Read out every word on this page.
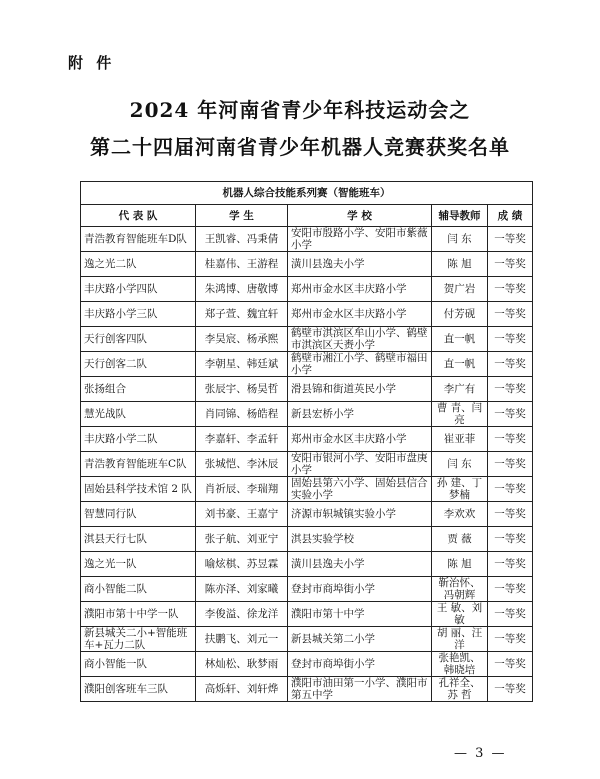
附 件
2024 年河南省青少年科技运动会之
第二十四届河南省青少年机器人竞赛获奖名单
机器人综合技能系列赛（智能班车）				
代 表 队	学 生	学 校	辅导教师	成 绩
青浩教育智能班车D队	王凯睿、冯秉倩	安阳市殷路小学、安阳市紫薇小学	闫 东	一等奖
逸之光二队	桂嘉伟、王游程	潢川县逸夫小学	陈 旭	一等奖
丰庆路小学四队	朱鸿博、唐敬博	郑州市金水区丰庆路小学	贺广岩	一等奖
丰庆路小学三队	郑子萱、魏宜轩	郑州市金水区丰庆路小学	付芳砚	一等奖
天行创客四队	李昊宸、杨承熙	鹤壁市淇滨区牟山小学、鹤壁市淇滨区天赉小学	直一帆	一等奖
天行创客二队	李朝星、韩廷斌	鹤壁市湘江小学、鹤壁市福田小学	直一帆	一等奖
张扬组合	张辰宇、杨昊哲	滑县锦和街道英民小学	李广有	一等奖
慧光战队	肖同锦、杨皓程	新县宏桥小学	曹 青、闫 亮	一等奖
丰庆路小学二队	李嘉轩、李孟轩	郑州市金水区丰庆路小学	崔亚菲	一等奖
青浩教育智能班车C队	张城恺、李沐辰	安阳市银河小学、安阳市盘庚小学	闫 东	一等奖
固始县科学技术馆 2 队	肖祈辰、李瑞翔	固始县第六小学、固始县信合实验小学	孙 建、丁梦楠	一等奖
智慧同行队	刘书豪、王嘉宁	济源市轵城镇实验小学	李欢欢	一等奖
淇县天行七队	张子航、刘亚宁	淇县实验学校	贾 薇	一等奖
逸之光一队	喻炫棋、苏昱霖	潢川县逸夫小学	陈 旭	一等奖
商小智能二队	陈亦泽、刘家曦	登封市商埠街小学	靳治怀、冯朝辉	一等奖
濮阳市第十中学一队	李俊溢、徐龙洋	濮阳市第十中学	王 敏、刘 敏	一等奖
新县城关二小+智能班车+瓦力二队	扶鹏飞、刘元一	新县城关第二小学	胡 丽、汪 洋	一等奖
商小智能一队	林灿松、耿梦雨	登封市商埠街小学	张艳凯、韩晓培	一等奖
濮阳创客班车三队	高烁轩、刘轩烨	濮阳市油田第一小学、濮阳市第五中学	孔祥全、苏 哲	一等奖
— 3 —
